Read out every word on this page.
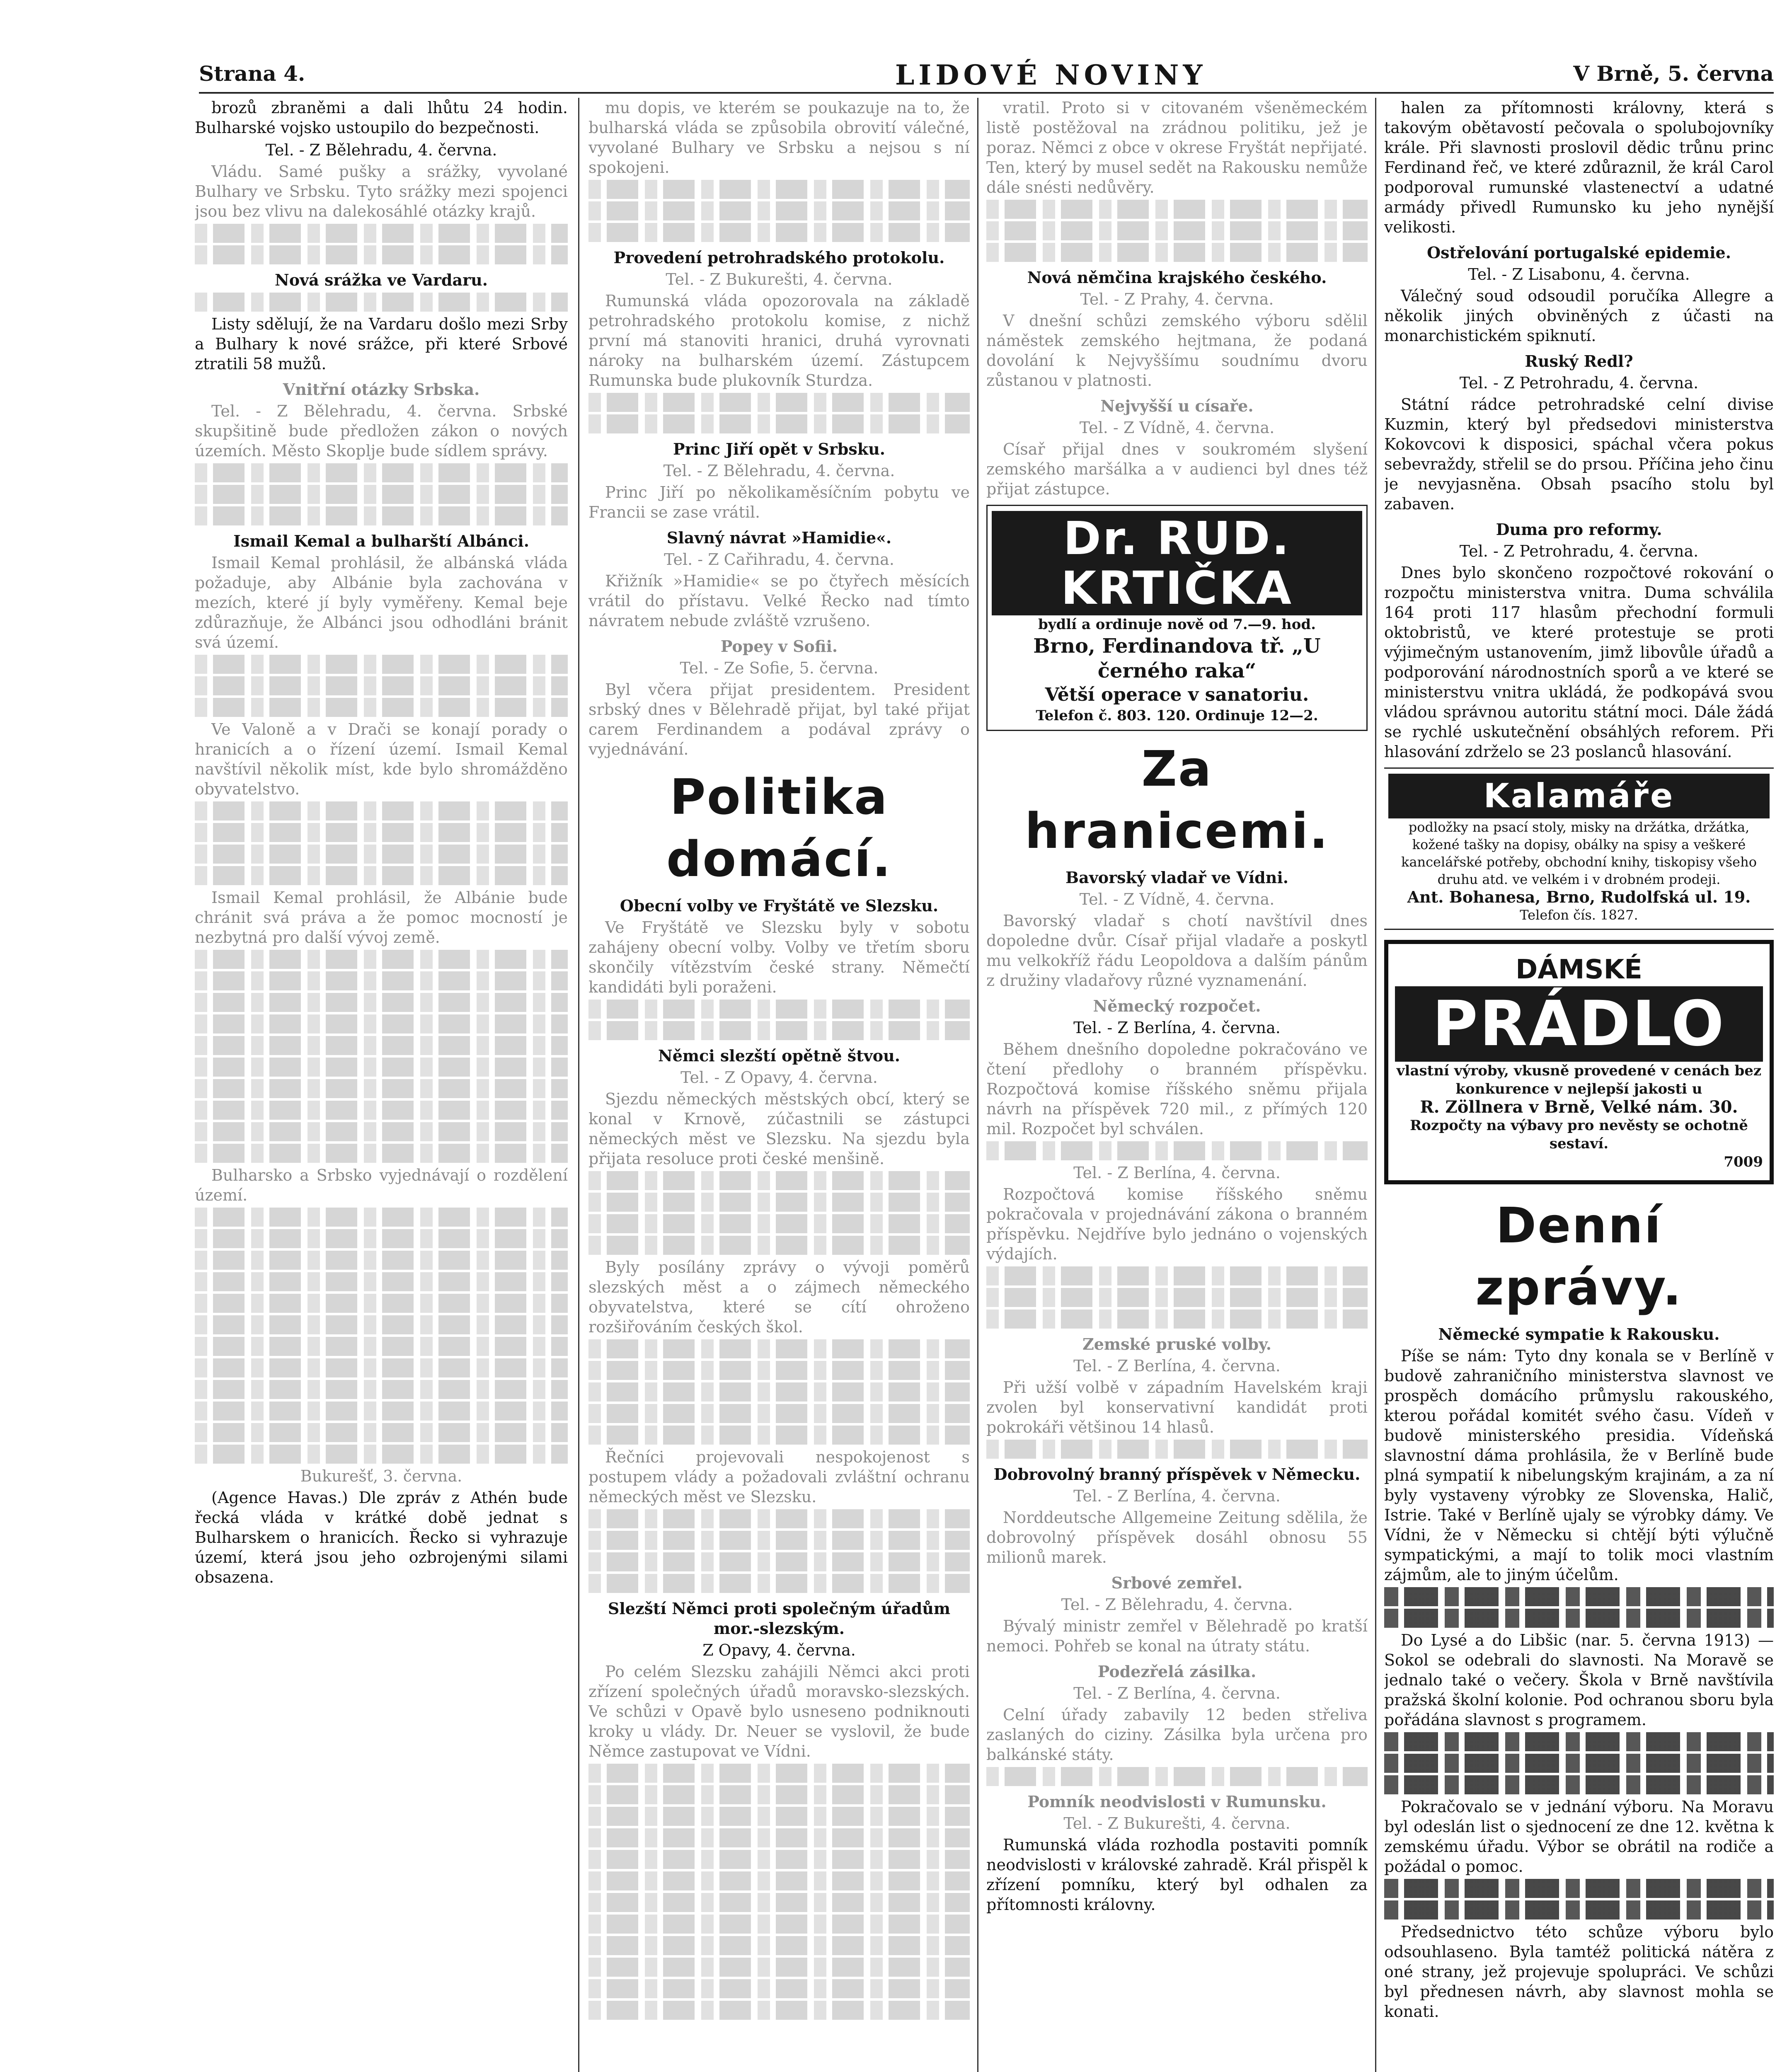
Strana 4.	LIDOVÉ NOVINY	V Brně, 5. června

brozů zbraněmi a dali lhůtu 24 hodin. Bulharské vojsko ustoupilo do bezpečnosti.

Tel. - Z Bělehradu, 4. června.

Vládu. Samé pušky a srážky, vyvolané Bulhary ve Srbsku. Tyto srážky mezi spojenci jsou bez vlivu na dalekosáhlé otázky krajů.

Nová srážka ve Vardaru.

Listy sdělují, že na Vardaru došlo mezi Srby a Bulhary k nové srážce, při které Srbové ztratili 58 mužů.

Vnitřní otázky Srbska.

Tel. - Z Bělehradu, 4. června. Srbské skupšitině bude předložen zákon o nových územích. Město Skoplje bude sídlem správy.

Ismail Kemal a bulharští Albánci.

Ismail Kemal prohlásil, že albánská vláda požaduje, aby Albánie byla zachována v mezích, které jí byly vyměřeny. Kemal beje zdůrazňuje, že Albánci jsou odhodláni bránit svá území.

Ve Valoně a v Drači se konají porady o hranicích a o řízení území. Ismail Kemal navštívil několik míst, kde bylo shromážděno obyvatelstvo.

Ismail Kemal prohlásil, že Albánie bude chránit svá práva a že pomoc mocností je nezbytná pro další vývoj země.

Bulharsko a Srbsko vyjednávají o rozdělení území.

Bukurešť, 3. června.

(Agence Havas.) Dle zpráv z Athén bude řecká vláda v krátké době jednat s Bulharskem o hranicích. Řecko si vyhrazuje území, která jsou jeho ozbrojenými silami obsazena.

mu dopis, ve kterém se poukazuje na to, že bulharská vláda se způsobila obrovití válečné, vyvolané Bulhary ve Srbsku a nejsou s ní spokojeni.

Provedení petrohradského protokolu.

Tel. - Z Bukurešti, 4. června.

Rumunská vláda opozorovala na základě petrohradského protokolu komise, z nichž první má stanoviti hranici, druhá vyrovnati nároky na bulharském území. Zástupcem Rumunska bude plukovník Sturdza.

Princ Jiří opět v Srbsku.

Tel. - Z Bělehradu, 4. června.

Princ Jiří po několikaměsíčním pobytu ve Francii se zase vrátil.

Slavný návrat »Hamidie«.

Tel. - Z Cařihradu, 4. června.

Křižník »Hamidie« se po čtyřech měsících vrátil do přístavu. Velké Řecko nad tímto návratem nebude zvláště vzrušeno.

Popey v Sofii.

Tel. - Ze Sofie, 5. června.

Byl včera přijat presidentem. President srbský dnes v Bělehradě přijat, byl také přijat carem Ferdinandem a podával zprávy o vyjednávání.

Politika domácí.

Obecní volby ve Fryštátě ve Slezsku.

Ve Fryštátě ve Slezsku byly v sobotu zahájeny obecní volby. Volby ve třetím sboru skončily vítězstvím české strany. Němečtí kandidáti byli poraženi.

Němci slezští opětně štvou.

Tel. - Z Opavy, 4. června.

Sjezdu německých městských obcí, který se konal v Krnově, zúčastnili se zástupci německých měst ve Slezsku. Na sjezdu byla přijata resoluce proti české menšině.

Byly posílány zprávy o vývoji poměrů slezských měst a o zájmech německého obyvatelstva, které se cítí ohroženo rozšiřováním českých škol.

Řečníci projevovali nespokojenost s postupem vlády a požadovali zvláštní ochranu německých měst ve Slezsku.

Slezští Němci proti společným úřadům mor.-slezským.

Z Opavy, 4. června.

Po celém Slezsku zahájili Němci akci proti zřízení společných úřadů moravsko-slezských. Ve schůzi v Opavě bylo usneseno podniknouti kroky u vlády. Dr. Neuer se vyslovil, že bude Němce zastupovat ve Vídni.

vratil. Proto si v citovaném všeněmeckém listě postěžoval na zrádnou politiku, jež je poraz. Němci z obce v okrese Fryštát nepřijaté. Ten, který by musel sedět na Rakousku nemůže dále snésti nedůvěry.

Nová němčina krajského českého.

Tel. - Z Prahy, 4. června.

V dnešní schůzi zemského výboru sdělil náměstek zemského hejtmana, že podaná dovolání k Nejvyššímu soudnímu dvoru zůstanou v platnosti.

Nejvyšší u císaře.

Tel. - Z Vídně, 4. června.

Císař přijal dnes v soukromém slyšení zemského maršálka a v audienci byl dnes též přijat zástupce.

Dr. RUD. KRTIČKA
bydlí a ordinuje nově od 7.—9. hod.
Brno, Ferdinandova tř. „U černého raka“
Větší operace v sanatoriu.
Telefon č. 803. 120. Ordinuje 12—2.
Za hranicemi.

Bavorský vladař ve Vídni.

Tel. - Z Vídně, 4. června.

Bavorský vladař s chotí navštívil dnes dopoledne dvůr. Císař přijal vladaře a poskytl mu velkokříž řádu Leopoldova a dalším pánům z družiny vladařovy různé vyznamenání.

Německý rozpočet.

Tel. - Z Berlína, 4. června.

Během dnešního dopoledne pokračováno ve čtení předlohy o branném příspěvku. Rozpočtová komise říšského sněmu přijala návrh na příspěvek 720 mil., z přímých 120 mil. Rozpočet byl schválen.

Tel. - Z Berlína, 4. června.

Rozpočtová komise říšského sněmu pokračovala v projednávání zákona o branném příspěvku. Nejdříve bylo jednáno o vojenských výdajích.

Zemské pruské volby.

Tel. - Z Berlína, 4. června.

Při užší volbě v západním Havelském kraji zvolen byl konservativní kandidát proti pokrokáři většinou 14 hlasů.

Dobrovolný branný příspěvek v Německu.

Tel. - Z Berlína, 4. června.

Norddeutsche Allgemeine Zeitung sdělila, že dobrovolný příspěvek dosáhl obnosu 55 milionů marek.

Srbové zemřel.

Tel. - Z Bělehradu, 4. června.

Bývalý ministr zemřel v Bělehradě po kratší nemoci. Pohřeb se konal na útraty státu.

Podezřelá zásilka.

Tel. - Z Berlína, 4. června.

Celní úřady zabavily 12 beden střeliva zaslaných do ciziny. Zásilka byla určena pro balkánské státy.

Pomník neodvislosti v Rumunsku.

Tel. - Z Bukurešti, 4. června.

Rumunská vláda rozhodla postaviti pomník neodvislosti v královské zahradě. Král přispěl k zřízení pomníku, který byl odhalen za přítomnosti královny.

halen za přítomnosti královny, která s takovým obětavostí pečovala o spolubojovníky krále. Při slavnosti proslovil dědic trůnu princ Ferdinand řeč, ve které zdůraznil, že král Carol podporoval rumunské vlastenectví a udatné armády přivedl Rumunsko ku jeho nynější velikosti.

Ostřelování portugalské epidemie.

Tel. - Z Lisabonu, 4. června.

Válečný soud odsoudil poručíka Allegre a několik jiných obviněných z účasti na monarchistickém spiknutí.

Ruský Redl?

Tel. - Z Petrohradu, 4. června.

Státní rádce petrohradské celní divise Kuzmin, který byl předsedovi ministerstva Kokovcovi k disposici, spáchal včera pokus sebevraždy, střelil se do prsou. Příčina jeho činu je nevyjasněna. Obsah psacího stolu byl zabaven.

Duma pro reformy.

Tel. - Z Petrohradu, 4. června.

Dnes bylo skončeno rozpočtové rokování o rozpočtu ministerstva vnitra. Duma schválila 164 proti 117 hlasům přechodní formuli oktobristů, ve které protestuje se proti výjimečným ustanovením, jimž libovůle úřadů a podporování národnostních sporů a ve které se ministerstvu vnitra ukládá, že podkopává svou vládou správnou autoritu státní moci. Dále žádá se rychlé uskutečnění obsáhlých reforem. Při hlasování zdrželo se 23 poslanců hlasování.

Kalamáře
podložky na psací stoly, misky na držátka, držátka, kožené tašky na dopisy, obálky na spisy a veškeré kancelářské potřeby, obchodní knihy, tiskopisy všeho druhu atd. ve velkém i v drobném prodeji.
Ant. Bohanesa, Brno, Rudolfská ul. 19.
Telefon čís. 1827.
DÁMSKÉ
PRÁDLO
vlastní výroby, vkusně provedené v cenách bez konkurence v nejlepší jakosti u
R. Zöllnera v Brně, Velké nám. 30.
Rozpočty na výbavy pro nevěsty se ochotně sestaví.
7009
Denní zprávy.

Německé sympatie k Rakousku.

Píše se nám: Tyto dny konala se v Berlíně v budově zahraničního ministerstva slavnost ve prospěch domácího průmyslu rakouského, kterou pořádal komitét svého času. Vídeň v budově ministerského presidia. Vídeňská slavnostní dáma prohlásila, že v Berlíně bude plná sympatií k nibelungským krajinám, a za ní byly vystaveny výrobky ze Slovenska, Halič, Istrie. Také v Berlíně ujaly se výrobky dámy. Ve Vídni, že v Německu si chtějí býti výlučně sympatickými, a mají to tolik moci vlastním zájmům, ale to jiným účelům.

Do Lysé a do Libšic (nar. 5. června 1913) — Sokol se odebrali do slavnosti. Na Moravě se jednalo také o večery. Škola v Brně navštívila pražská školní kolonie. Pod ochranou sboru byla pořádána slavnost s programem.

Pokračovalo se v jednání výboru. Na Moravu byl odeslán list o sjednocení ze dne 12. května k zemskému úřadu. Výbor se obrátil na rodiče a požádal o pomoc.

Předsednictvo této schůze výboru bylo odsouhlaseno. Byla tamtéž politická nátěra z oné strany, jež projevuje spolupráci. Ve schůzi byl přednesen návrh, aby slavnost mohla se konati.
